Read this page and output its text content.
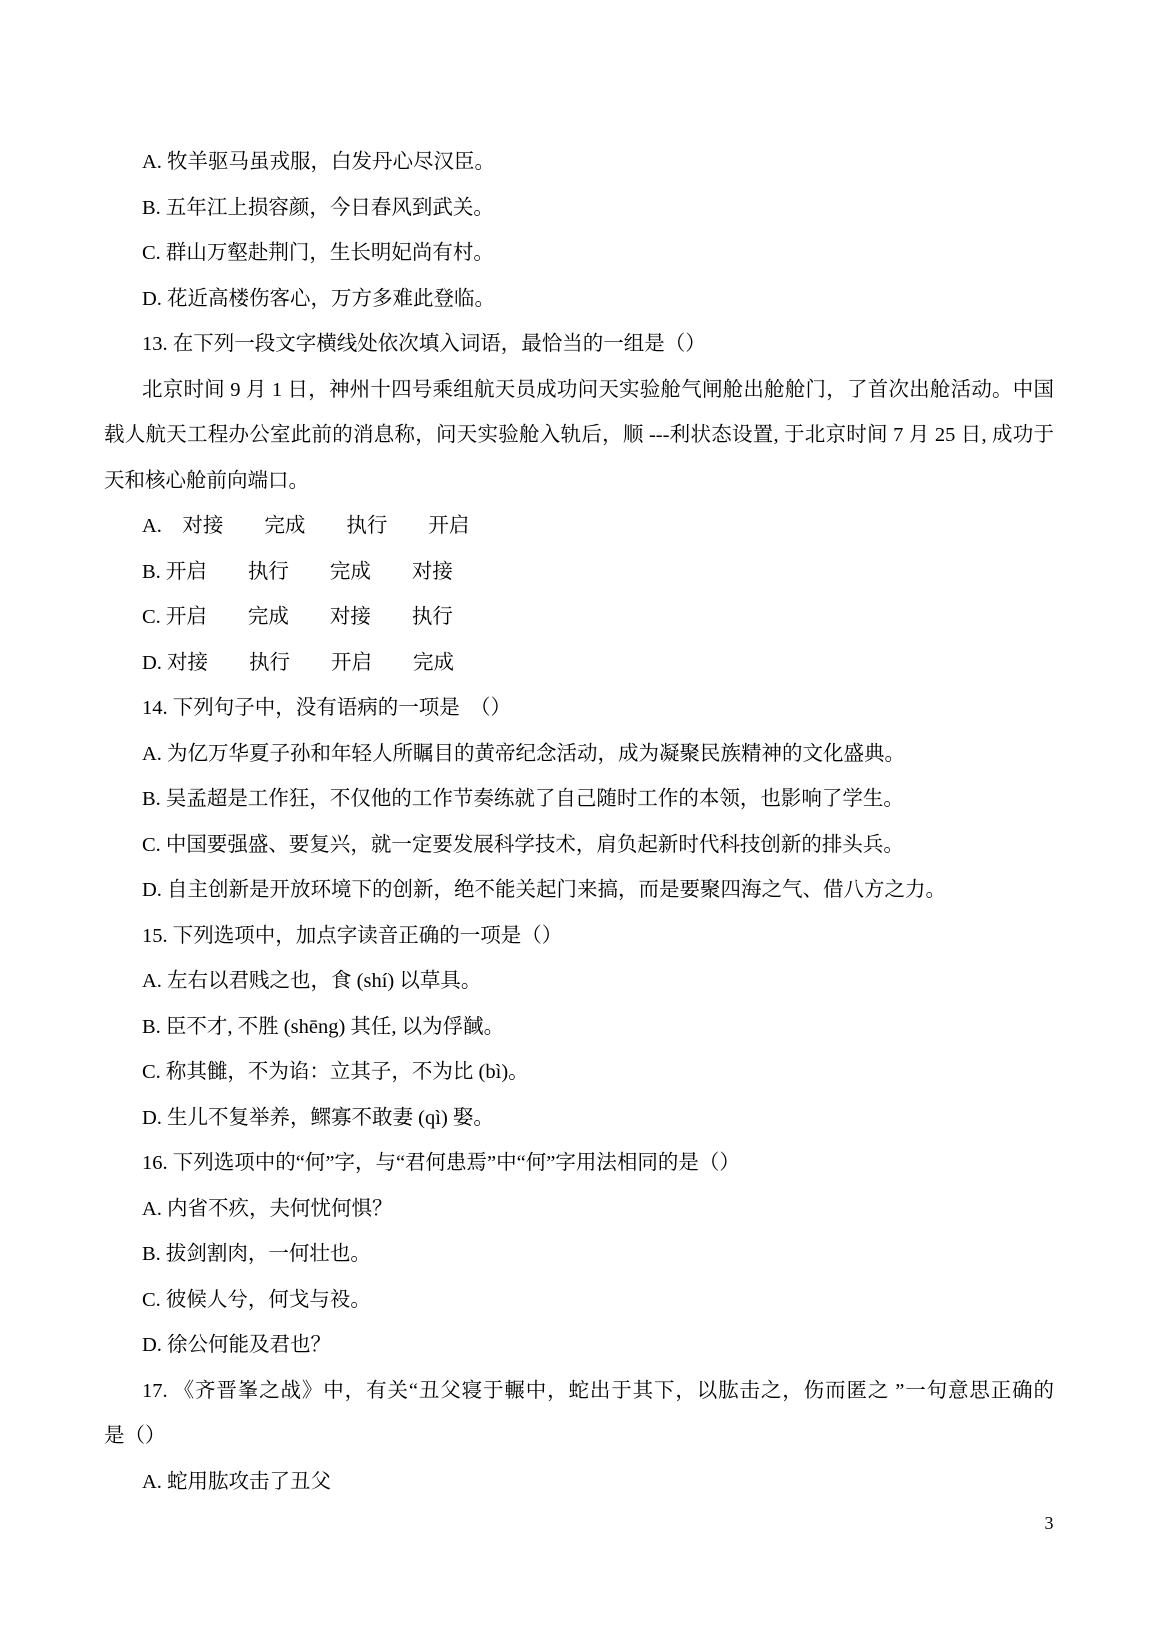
A. 牧羊驱马虽戎服，白发丹心尽汉臣。

B. 五年江上损容颜，今日春风到武关。

C. 群山万壑赴荆门，生长明妃尚有村。

D. 花近高楼伤客心，万方多难此登临。

13. 在下列一段文字横线处依次填入词语，最恰当的一组是（）

北京时间 9 月 1 日，神州十四号乘组航天员成功问天实验舱气闸舱出舱舱门，了首次出舱活动。中国

载人航天工程办公室此前的消息称，问天实验舱入轨后，顺 ---利状态设置, 于北京时间 7 月 25 日, 成功于

天和核心舱前向端口。

A.　对接　　完成　　执行　　开启

B. 开启　　执行　　完成　　对接

C. 开启　　完成　　对接　　执行

D. 对接　　执行　　开启　　完成

14. 下列句子中，没有语病的一项是　（）

A. 为亿万华夏子孙和年轻人所瞩目的黄帝纪念活动，成为凝聚民族精神的文化盛典。

B. 吴孟超是工作狂，不仅他的工作节奏练就了自己随时工作的本领，也影响了学生。

C. 中国要强盛、要复兴，就一定要发展科学技术，肩负起新时代科技创新的排头兵。

D. 自主创新是开放环境下的创新，绝不能关起门来搞，而是要聚四海之气、借八方之力。

15. 下列选项中，加点字读音正确的一项是（）

A. 左右以君贱之也，食 (shí) 以草具。

B. 臣不才, 不胜 (shēng) 其任, 以为俘馘。

C. 称其雠，不为谄：立其子，不为比 (bì)。

D. 生儿不复举养，鳏寡不敢妻 (qì) 娶。

16. 下列选项中的“何”字，与“君何患焉”中“何”字用法相同的是（）

A. 内省不疚，夫何忧何惧？

B. 拔剑割肉，一何壮也。

C. 彼候人兮，何戈与祋。

D. 徐公何能及君也？

17. 《齐晋峯之战》中，有关“丑父寝于輾中，蛇出于其下，以肱击之，伤而匿之 ”一句意思正确的

是（）

A. 蛇用肱攻击了丑父

3
